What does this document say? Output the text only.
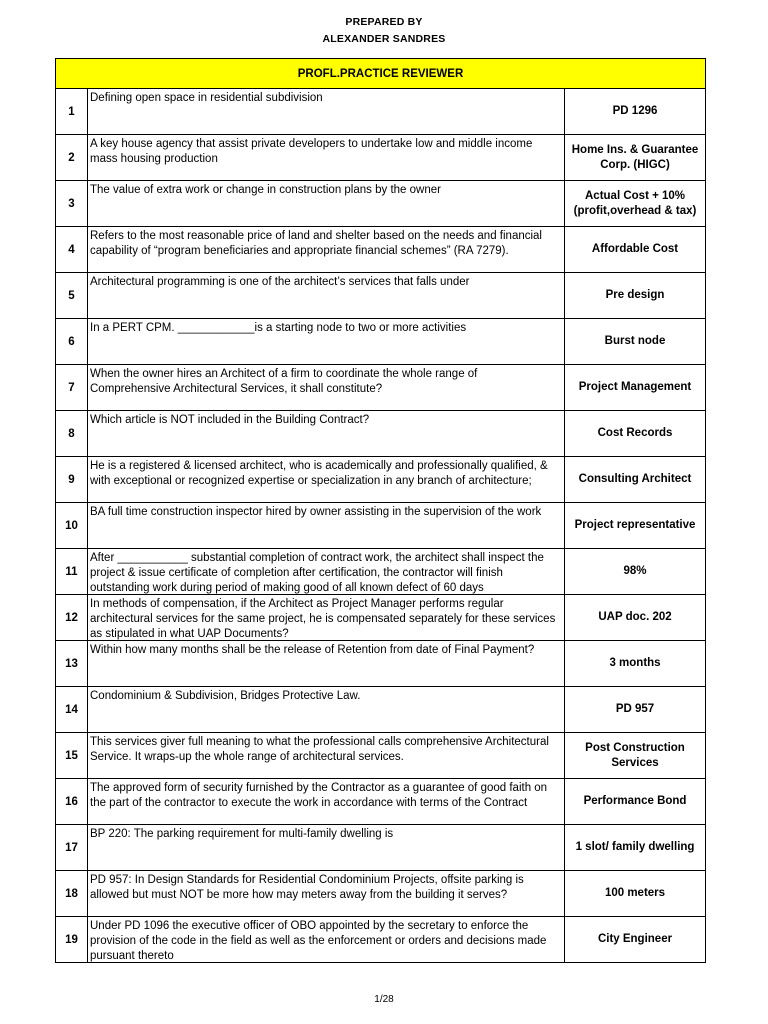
PREPARED BY
ALEXANDER SANDRES
PROFL.PRACTICE REVIEWER		
1	Defining open space in residential subdivision	PD 1296
2	A key house agency that assist private developers to undertake low and middle income mass housing production	Home Ins. & Guarantee Corp. (HIGC)
3	The value of extra work or change in construction plans by the owner	Actual Cost + 10%(profit,overhead & tax)
4	Refers to the most reasonable price of land and shelter based on the needs and financial capability of “program beneficiaries and appropriate financial schemes” (RA 7279).	Affordable Cost
5	Architectural programming is one of the architect’s services that falls under	Pre design
6	In a PERT CPM. ____________is a starting node to two or more activities	Burst node
7	When the owner hires an Architect of a firm to coordinate the whole range of Comprehensive Architectural Services, it shall constitute?	Project Management
8	Which article is NOT included in the Building Contract?	Cost Records
9	He is a registered & licensed architect, who is academically and professionally qualified, & with exceptional or recognized expertise or specialization in any branch of architecture;	Consulting Architect
10	BA full time construction inspector hired by owner assisting in the supervision of the work	Project representative
11	After ___________ substantial completion of contract work, the architect shall inspect the project & issue certificate of completion after certification, the contractor will finish outstanding work during period of making good of all known defect of 60 days	98%
12	In methods of compensation, if the Architect as Project Manager performs regular architectural services for the same project, he is compensated separately for these services as stipulated in what UAP Documents?	UAP doc. 202
13	Within how many months shall be the release of Retention from date of Final Payment?	3 months
14	Condominium & Subdivision, Bridges Protective Law.	PD 957
15	This services giver full meaning to what the professional calls comprehensive Architectural Service. It wraps-up the whole range of architectural services.	Post Construction Services
16	The approved form of security furnished by the Contractor as a guarantee of good faith on the part of the contractor to execute the work in accordance with terms of the Contract	Performance Bond
17	BP 220: The parking requirement for multi-family dwelling is	1 slot/ family dwelling
18	PD 957: In Design Standards for Residential Condominium Projects, offsite parking is allowed but must NOT be more how may meters away from the building it serves?	100 meters
19	Under PD 1096 the executive officer of OBO appointed by the secretary to enforce the provision of the code in the field as well as the enforcement or orders and decisions made pursuant thereto	City Engineer
1/28
